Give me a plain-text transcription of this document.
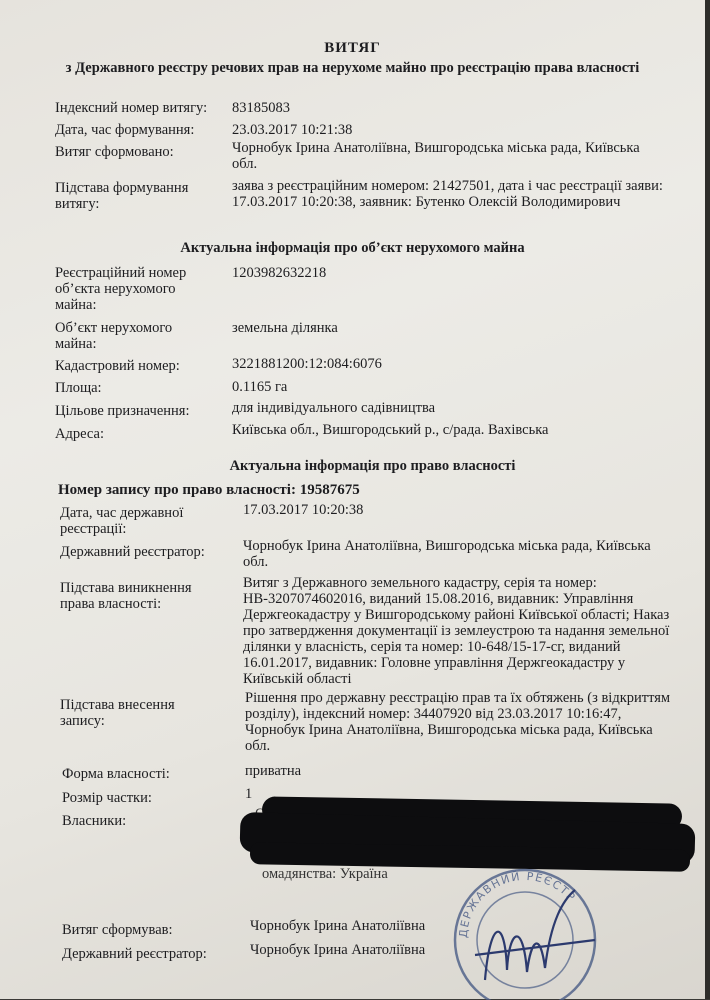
ВИТЯГ
з Державного реєстру речових прав на нерухоме майно про реєстрацію права власності
Індексний номер витягу: 83185083
Дата, час формування:	23.03.2017 10:21:38
Витяг сформовано:	Чорнобук Ірина Анатоліївна, Вишгородська міська рада, Київська
обл.
Підстава формування
витягу:
заява з реєстраційним номером: 21427501, дата і час реєстрації заяви:
17.03.2017 10:20:38, заявник: Бутенко Олексій Володимирович
Актуальна інформація про об’єкт нерухомого майна
Реєстраційний номер
об’єкта нерухомого
майна:
1203982632218
Об’єкт нерухомого
майна:
земельна ділянка
Кадастровий номер:	3221881200:12:084:6076
Площа:	0.1165 га
Цільове призначення:	для індивідуального садівництва
Адреса:	Київська обл., Вишгородський р., с/рада. Вахівська
Актуальна інформація про право власності
Номер запису про право власності: 19587675
Дата, час державної
реєстрації:
17.03.2017 10:20:38
Державний реєстратор:	Чорнобук Ірина Анатоліївна, Вишгородська міська рада, Київська
обл.
Підстава виникнення
права власності:
Витяг з Державного земельного кадастру, серія та номер:
НВ-3207074602016, виданий 15.08.2016, видавник: Управління
Держгеокадастру у Вишгородському районі Київської області; Наказ
про затвердження документації із землеустрою та надання земельної
ділянки у власність, серія та номер: 10-648/15-17-сг, виданий
16.01.2017, видавник: Головне управління Держгеокадастру у
Київській області
Підстава внесення
запису:
Рішення про державну реєстрацію прав та їх обтяжень (з відкриттям
розділу), індексний номер: 34407920 від 23.03.2017 10:16:47,
Чорнобук Ірина Анатоліївна, Вишгородська міська рада, Київська
обл.
Форма власності:	приватна
Розмір частки:	1
Власники:
омадянства: Україна
Витяг сформував:	Чорнобук Ірина Анатоліївна
Державний реєстратор:	Чорнобук Ірина Анатоліївна
ДЕРЖАВНИЙ РЕЄСТР
